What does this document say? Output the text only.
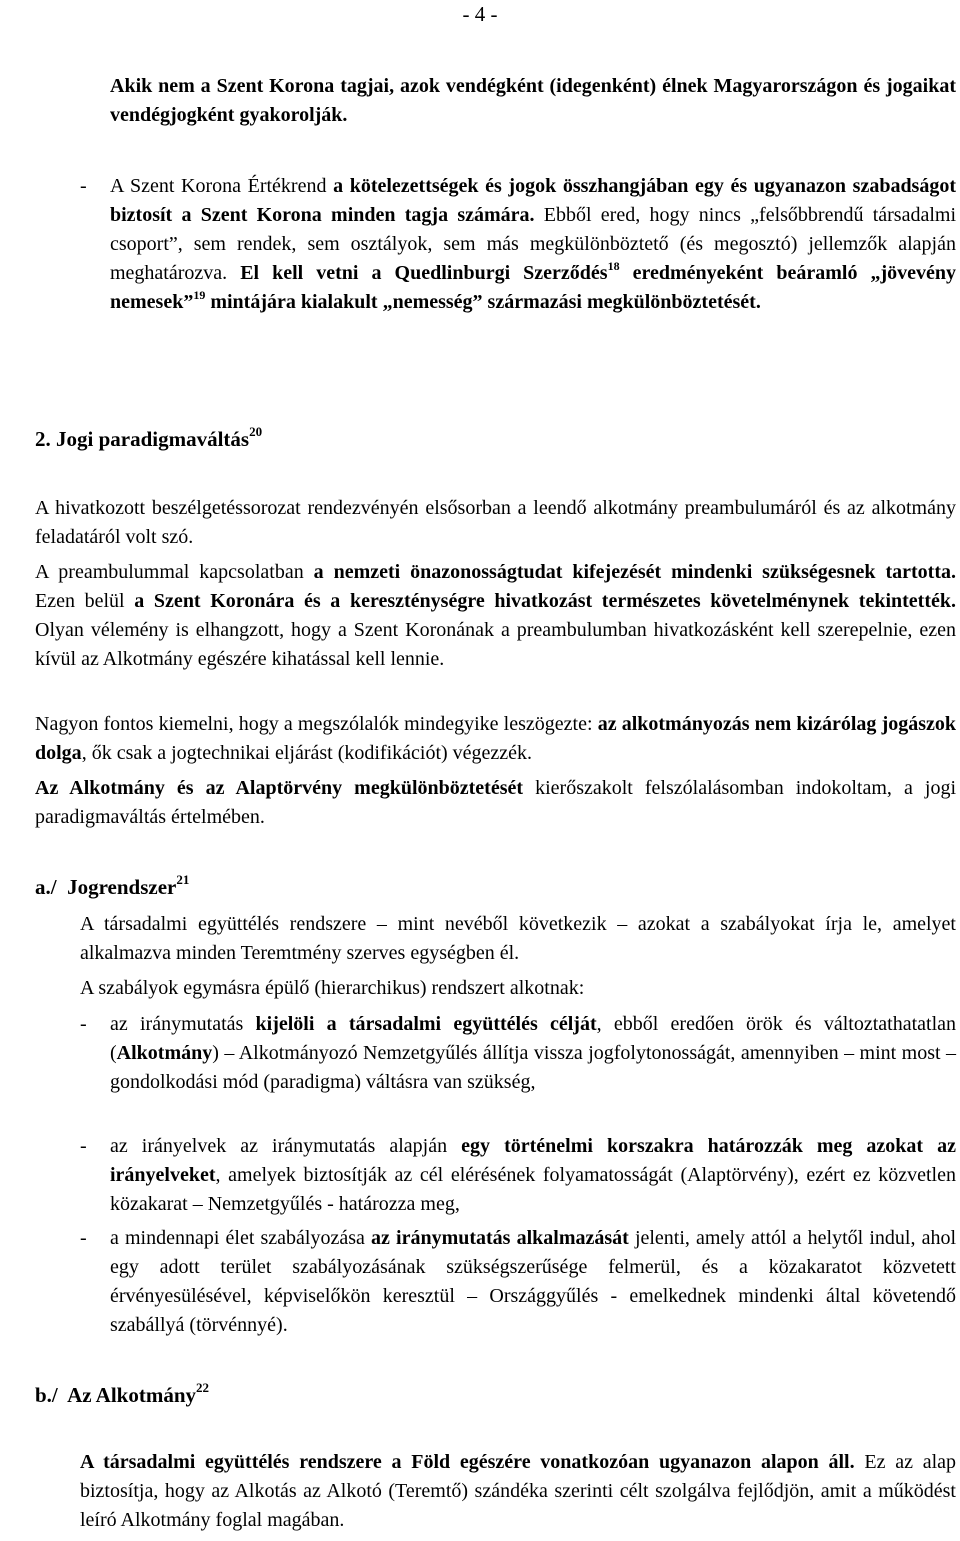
- 4 -

Akik nem a Szent Korona tagjai, azok vendégként (idegenként) élnek Magyarországon és jogaikat vendégjogként gyakorolják.

- A Szent Korona Értékrend a kötelezettségek és jogok összhangjában egy és ugyanazon szabadságot biztosít a Szent Korona minden tagja számára. Ebből ered, hogy nincs „felsőbbrendű társadalmi csoport”, sem rendek, sem osztályok, sem más megkülönböztető (és megosztó) jellemzők alapján meghatározva. El kell vetni a Quedlinburgi Szerződés$^{18}$ eredményeként beáramló „jövevény nemesek”$^{19}$ mintájára kialakult „nemesség” származási megkülönböztetését.

2. Jogi paradigmaváltás$^{20}$

A hivatkozott beszélgetéssorozat rendezvényén elsősorban a leendő alkotmány preambulumáról és az alkotmány feladatáról volt szó.

A preambulummal kapcsolatban a nemzeti önazonosságtudat kifejezését mindenki szükségesnek tartotta. Ezen belül a Szent Koronára és a kereszténységre hivatkozást természetes követelménynek tekintették. Olyan vélemény is elhangzott, hogy a Szent Koronának a preambulumban hivatkozásként kell szerepelnie, ezen kívül az Alkotmány egészére kihatással kell lennie.

Nagyon fontos kiemelni, hogy a megszólalók mindegyike leszögezte: az alkotmányozás nem kizárólag jogászok dolga, ők csak a jogtechnikai eljárást (kodifikációt) végezzék.

Az Alkotmány és az Alaptörvény megkülönböztetését kierőszakolt felszólalásomban indokoltam, a jogi paradigmaváltás értelmében.

a./  Jogrendszer$^{21}$

A társadalmi együttélés rendszere – mint nevéből következik – azokat a szabályokat írja le, amelyet alkalmazva minden Teremtmény szerves egységben él.

A szabályok egymásra épülő (hierarchikus) rendszert alkotnak:

- az iránymutatás kijelöli a társadalmi együttélés célját, ebből eredően örök és változtathatatlan (Alkotmány) – Alkotmányozó Nemzetgyűlés állítja vissza jogfolytonosságát, amennyiben – mint most – gondolkodási mód (paradigma) váltásra van szükség,

- az irányelvek az iránymutatás alapján egy történelmi korszakra határozzák meg azokat az irányelveket, amelyek biztosítják az cél elérésének folyamatosságát (Alaptörvény), ezért ez közvetlen közakarat – Nemzetgyűlés - határozza meg,

- a mindennapi élet szabályozása az iránymutatás alkalmazását jelenti, amely attól a helytől indul, ahol egy adott terület szabályozásának szükségszerűsége felmerül, és a közakaratot közvetett érvényesülésével, képviselőkön keresztül – Országgyűlés - emelkednek mindenki által követendő szabállyá (törvénnyé).

b./  Az Alkotmány$^{22}$

A társadalmi együttélés rendszere a Föld egészére vonatkozóan ugyanazon alapon áll. Ez az alap biztosítja, hogy az Alkotás az Alkotó (Teremtő) szándéka szerinti célt szolgálva fejlődjön, amit a működést leíró Alkotmány foglal magában.
